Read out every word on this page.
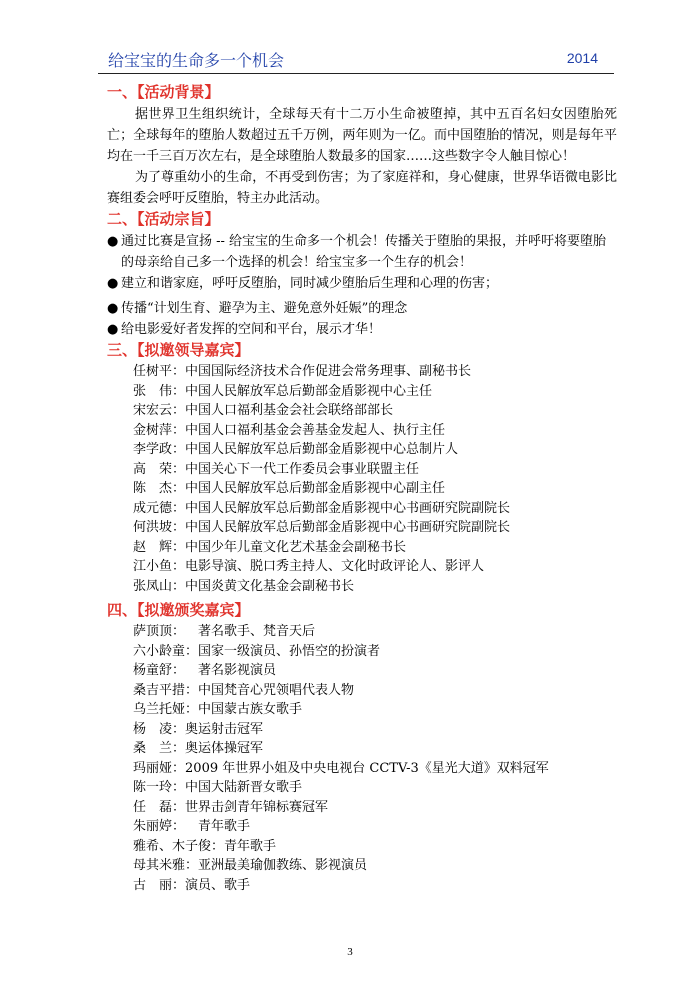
给宝宝的生命多一个机会	2014
一、【活动背景】
据世界卫生组织统计，全球每天有十二万小生命被堕掉，其中五百名妇女因堕胎死亡；全球每年的堕胎人数超过五千万例，两年则为一亿。而中国堕胎的情况，则是每年平均在一千三百万次左右，是全球堕胎人数最多的国家……这些数字令人触目惊心！
为了尊重幼小的生命，不再受到伤害；为了家庭祥和，身心健康，世界华语微电影比赛组委会呼吁反堕胎，特主办此活动。
二、【活动宗旨】
● 通过比赛是宣扬 -- 给宝宝的生命多一个机会！传播关于堕胎的果报，并呼吁将要堕胎的母亲给自己多一个选择的机会！给宝宝多一个生存的机会！
● 建立和谐家庭，呼吁反堕胎，同时减少堕胎后生理和心理的伤害；
● 传播“计划生育、避孕为主、避免意外妊娠”的理念
● 给电影爱好者发挥的空间和平台，展示才华！
三、【拟邀领导嘉宾】
任树平 ： 中国国际经济技术合作促进会常务理事、副秘书长
张　伟 ： 中国人民解放军总后勤部金盾影视中心主任
宋宏云 ： 中国人口福利基金会社会联络部部长
金树萍 ： 中国人口福利基金会善基金发起人、执行主任
李学政 ： 中国人民解放军总后勤部金盾影视中心总制片人
高　荣 ： 中国关心下一代工作委员会事业联盟主任
陈　杰 ： 中国人民解放军总后勤部金盾影视中心副主任
成元德 ： 中国人民解放军总后勤部金盾影视中心书画研究院副院长
何洪坡 ： 中国人民解放军总后勤部金盾影视中心书画研究院副院长
赵　辉 ： 中国少年儿童文化艺术基金会副秘书长
江小鱼 ： 电影导演、脱口秀主持人、文化时政评论人、影评人
张凤山 ： 中国炎黄文化基金会副秘书长
四、【拟邀颁奖嘉宾】
萨顶顶 ： 　著名歌手、梵音天后
六小龄童 ： 国家一级演员、孙悟空的扮演者
杨童舒 ： 　著名影视演员
桑吉平措 ： 中国梵音心咒领唱代表人物
乌兰托娅 ： 中国蒙古族女歌手
杨　凌 ： 奥运射击冠军
桑　兰 ： 奥运体操冠军
玛丽娅 ： 2009 年世界小姐及中央电视台 CCTV-3《星光大道》双料冠军
陈一玲 ： 中国大陆新晋女歌手
任　磊 ： 世界击剑青年锦标赛冠军
朱丽婷 ： 　青年歌手
雅希、木子俊 ： 青年歌手
母其米雅 ： 亚洲最美瑜伽教练、影视演员
古　丽 ： 演员、歌手
3
